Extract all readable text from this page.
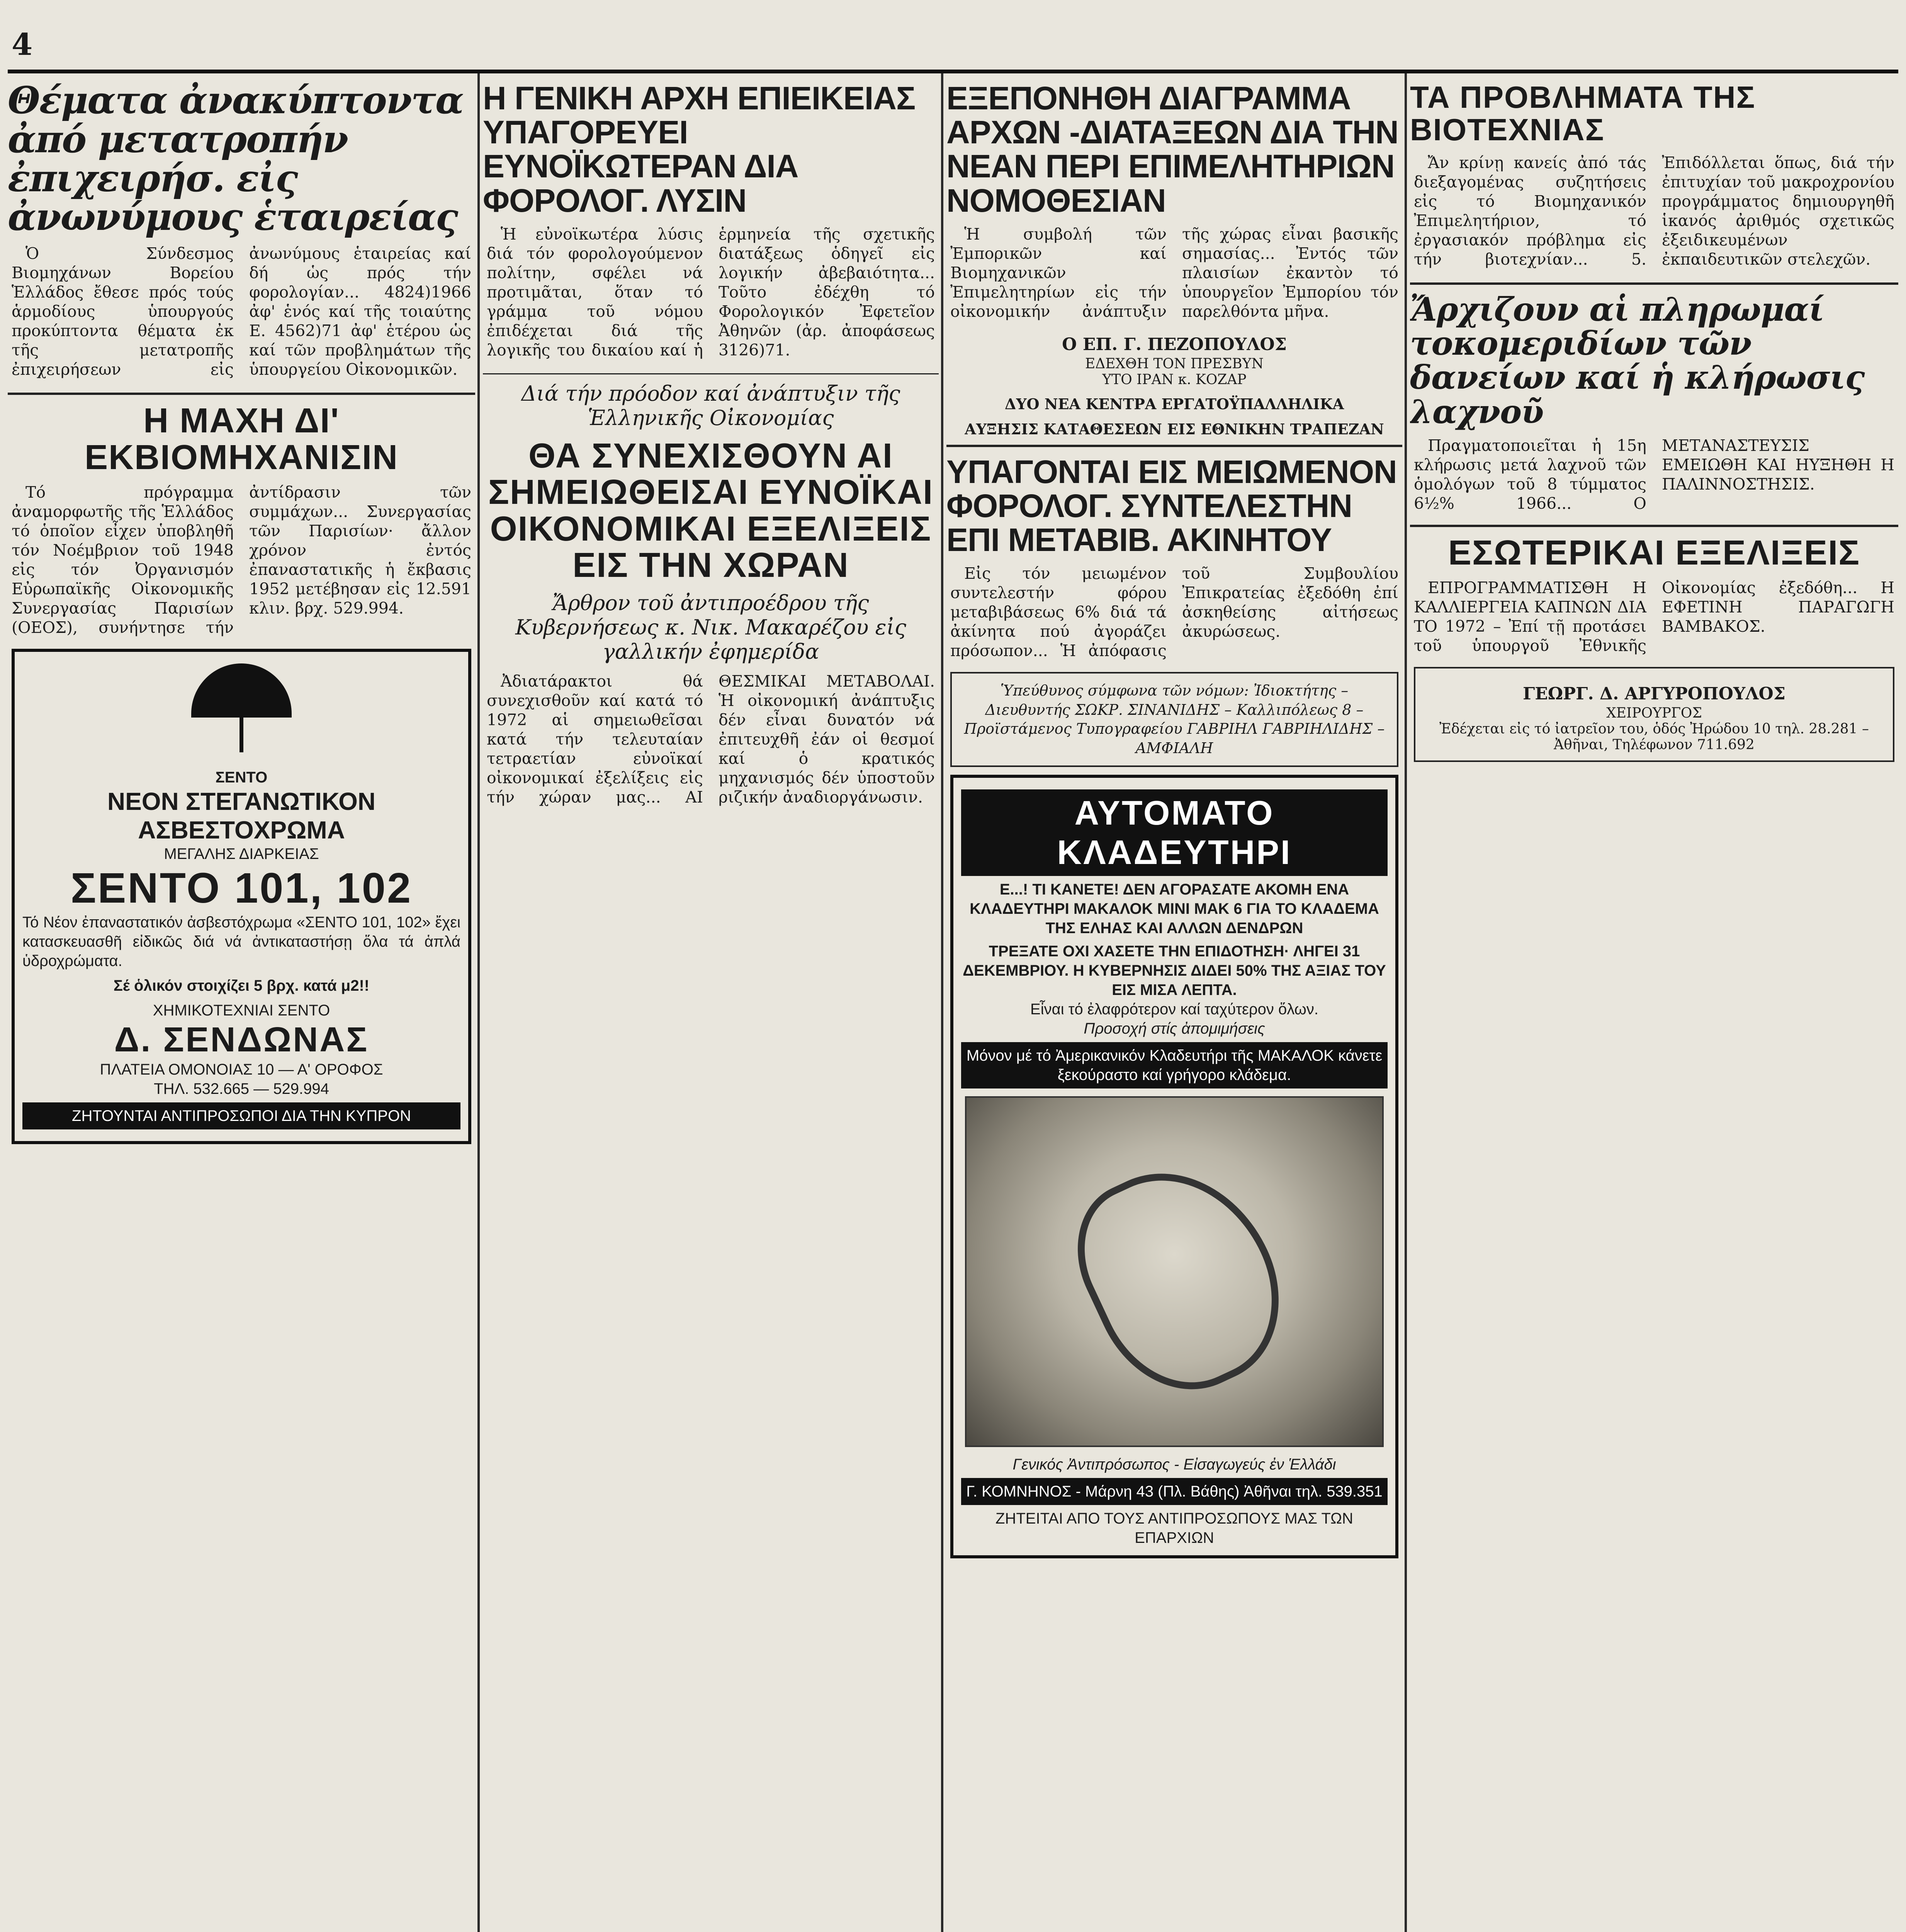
4
Θέματα ἀνακύπτοντα ἀπό μετατροπήν ἐπιχειρήσ. εἰς ἀνωνύμους ἑταιρείας

Ὁ Σύνδεσμος Βιομηχάνων Βορείου Ἑλλάδος ἔθεσε πρός τούς ἁρμοδίους ὑπουργούς προκύπτοντα θέματα ἐκ τῆς μετατροπῆς ἐπιχειρήσεων εἰς ἀνωνύμους ἑταιρείας καί δή ὡς πρός τήν φορολογίαν... 4824)1966 ἀφ' ἑνός καί τῆς τοιαύτης Ε. 4562)71 ἀφ' ἑτέρου ὡς καί τῶν προβλημάτων τῆς ὑπουργείου Οἰκονομικῶν.

Η ΜΑΧΗ ΔΙ' ΕΚΒΙΟΜΗΧΑΝΙΣΙΝ

Τό πρόγραμμα ἀναμορφωτῆς τῆς Ἑλλάδος τό ὁποῖον εἶχεν ὑποβληθῆ τόν Νοέμβριον τοῦ 1948 εἰς τόν Ὀργανισμόν Εὐρωπαϊκῆς Οἰκονομικῆς Συνεργασίας Παρισίων (ΟΕΟΣ), συνήντησε τήν ἀντίδρασιν τῶν συμμάχων... Συνεργασίας τῶν Παρισίων· ἄλλον χρόνον ἐντός ἐπαναστατικῆς ἡ ἔκβασις 1952 μετέβησαν εἰς 12.591 κλιν. βρχ. 529.994.

ΣΕΝΤΟ
ΝΕΟΝ ΣΤΕΓΑΝΩΤΙΚΟΝ
ΑΣΒΕΣΤΟΧΡΩΜΑ
ΜΕΓΑΛΗΣ ΔΙΑΡΚΕΙΑΣ
ΣΕΝΤΟ 101, 102
Τό Νέον ἐπαναστατικόν ἀσβεστόχρωμα «ΣΕΝΤΟ 101, 102» ἔχει κατασκευασθῆ εἰδικῶς διά νά ἀντικαταστήσῃ ὅλα τά ἁπλά ὑδροχρώματα.
Σέ ὁλικόν στοιχίζει 5 βρχ. κατά μ2!!
ΧΗΜΙΚΟΤΕΧΝΙΑΙ ΣΕΝΤΟ
Δ. ΣΕΝΔΩΝΑΣ
ΠΛΑΤΕΙΑ ΟΜΟΝΟΙΑΣ 10 — Α' ΟΡΟΦΟΣ
ΤΗΛ. 532.665 — 529.994
ΖΗΤΟΥΝΤΑΙ ΑΝΤΙΠΡΟΣΩΠΟΙ ΔΙΑ ΤΗΝ ΚΥΠΡΟΝ
Η ΓΕΝΙΚΗ ΑΡΧΗ ΕΠΙΕΙΚΕΙΑΣ ΥΠΑΓΟΡΕΥΕΙ ΕΥΝΟΪΚΩΤΕΡΑΝ ΔΙΑ ΦΟΡΟΛΟΓ. ΛΥΣΙΝ

Ἡ εὐνοϊκωτέρα λύσις διά τόν φορολογούμενον πολίτην, σφέλει νά προτιμᾶται, ὅταν τό γράμμα τοῦ νόμου ἐπιδέχεται διά τῆς λογικῆς του δικαίου καί ἡ ἑρμηνεία τῆς σχετικῆς διατάξεως ὁδηγεῖ εἰς λογικήν ἀβεβαιότητα... Τοῦτο ἐδέχθη τό Φορολογικόν Ἐφετεῖον Ἀθηνῶν (ἀρ. ἀποφάσεως 3126)71.

Διά τήν πρόοδον καί ἀνάπτυξιν τῆς Ἑλληνικῆς Οἰκονομίας
ΘΑ ΣΥΝΕΧΙΣΘΟΥΝ ΑΙ ΣΗΜΕΙΩΘΕΙΣΑΙ ΕΥΝΟΪΚΑΙ ΟΙΚΟΝΟΜΙΚΑΙ ΕΞΕΛΙΞΕΙΣ ΕΙΣ ΤΗΝ ΧΩΡΑΝ
Ἄρθρον τοῦ ἀντιπροέδρου τῆς Κυβερνήσεως κ. Νικ. Μακαρέζου εἰς γαλλικήν ἐφημερίδα

Ἀδιατάρακτοι θά συνεχισθοῦν καί κατά τό 1972 αἱ σημειωθεῖσαι κατά τήν τελευταίαν τετραετίαν εὐνοϊκαί οἰκονομικαί ἐξελίξεις εἰς τήν χώραν μας... ΑΙ ΘΕΣΜΙΚΑΙ ΜΕΤΑΒΟΛΑΙ. Ἡ οἰκονομική ἀνάπτυξις δέν εἶναι δυνατόν νά ἐπιτευχθῆ ἐάν οἱ θεσμοί καί ὁ κρατικός μηχανισμός δέν ὑποστοῦν ριζικήν ἀναδιοργάνωσιν.

ΕΞΕΠΟΝΗΘΗ ΔΙΑΓΡΑΜΜΑ ΑΡΧΩΝ -ΔΙΑΤΑΞΕΩΝ ΔΙΑ ΤΗΝ ΝΕΑΝ ΠΕΡΙ ΕΠΙΜΕΛΗΤΗΡΙΩΝ ΝΟΜΟΘΕΣΙΑΝ

Ἡ συμβολή τῶν Ἐμπορικῶν καί Βιομηχανικῶν Ἐπιμελητηρίων εἰς τήν οἰκονομικήν ἀνάπτυξιν τῆς χώρας εἶναι βασικῆς σημασίας... Ἐντός τῶν πλαισίων ἐκαντὸν τό ὑπουργεῖον Ἐμπορίου τόν παρελθόντα μῆνα.

Ο ΕΠ. Γ. ΠΕΖΟΠΟΥΛΟΣ
ΕΔΕΧΘΗ ΤΟΝ ΠΡΕΣΒΥΝ
ΥΤΟ ΙΡΑΝ κ. ΚΟΖΑΡ
ΔΥΟ ΝΕΑ ΚΕΝΤΡΑ ΕΡΓΑΤΟΫΠΑΛΛΗΛΙΚΑ
ΑΥΞΗΣΙΣ ΚΑΤΑΘΕΣΕΩΝ ΕΙΣ ΕΘΝΙΚΗΝ ΤΡΑΠΕΖΑΝ
ΥΠΑΓΟΝΤΑΙ ΕΙΣ ΜΕΙΩΜΕΝΟΝ ΦΟΡΟΛΟΓ. ΣΥΝΤΕΛΕΣΤΗΝ ΕΠΙ ΜΕΤΑΒΙΒ. ΑΚΙΝΗΤΟΥ

Εἰς τόν μειωμένον συντελεστήν φόρου μεταβιβάσεως 6% διά τά ἀκίνητα πού ἀγοράζει πρόσωπον... Ἡ ἀπόφασις τοῦ Συμβουλίου Ἐπικρατείας ἐξεδόθη ἐπί ἀσκηθείσης αἰτήσεως ἀκυρώσεως.

Ὑπεύθυνος σύμφωνα τῶν νόμων: Ἰδιοκτήτης – Διευθυντής ΣΩΚΡ. ΣΙΝΑΝΙΔΗΣ – Καλλιπόλεως 8 – Προϊστάμενος Τυπογραφείου ΓΑΒΡΙΗΛ ΓΑΒΡΙΗΛΙΔΗΣ – ΑΜΦΙΑΛΗ
ΑΥΤΟΜΑΤΟ ΚΛΑΔΕΥΤΗΡΙ
Ε...! ΤΙ ΚΑΝΕΤΕ! ΔΕΝ ΑΓΟΡΑΣΑΤΕ ΑΚΟΜΗ ΕΝΑ ΚΛΑΔΕΥΤΗΡΙ ΜΑΚΑΛΟΚ ΜΙΝΙ ΜΑΚ 6 ΓΙΑ ΤΟ ΚΛΑΔΕΜΑ ΤΗΣ ΕΛΗΑΣ ΚΑΙ ΑΛΛΩΝ ΔΕΝΔΡΩΝ
ΤΡΕΞΑΤΕ ΟΧΙ ΧΑΣΕΤΕ ΤΗΝ ΕΠΙΔΟΤΗΣΗ· ΛΗΓΕΙ 31 ΔΕΚΕΜΒΡΙΟΥ. Η ΚΥΒΕΡΝΗΣΙΣ ΔΙΔΕΙ 50% ΤΗΣ ΑΞΙΑΣ ΤΟΥ ΕΙΣ ΜΙΣΑ ΛΕΠΤΑ.
Εἶναι τό ἐλαφρότερον καί ταχύτερον ὅλων.
Προσοχή στίς ἀπομιμήσεις
Μόνον μέ τό Ἀμερικανικόν Κλαδευτήρι τῆς ΜΑΚΑΛΟΚ κάνετε ξεκούραστο καί γρήγορο κλάδεμα.
Γενικός Ἀντιπρόσωπος - Εἰσαγωγεύς ἐν Ἑλλάδι
Γ. ΚΟΜΝΗΝΟΣ - Μάρνη 43 (Πλ. Βάθης) Ἀθῆναι τηλ. 539.351
ΖΗΤΕΙΤΑΙ ΑΠΟ ΤΟΥΣ ΑΝΤΙΠΡΟΣΩΠΟΥΣ ΜΑΣ ΤΩΝ ΕΠΑΡΧΙΩΝ
ΤΑ ΠΡΟΒΛΗΜΑΤΑ ΤΗΣ ΒΙΟΤΕΧΝΙΑΣ

Ἄν κρίνῃ κανείς ἀπό τάς διεξαγομένας συζητήσεις εἰς τό Βιομηχανικόν Ἐπιμελητήριον, τό ἐργασιακόν πρόβλημα εἰς τήν βιοτεχνίαν... 5. Ἐπιδόλλεται ὅπως, διά τήν ἐπιτυχίαν τοῦ μακροχρονίου προγράμματος δημιουργηθῆ ἱκανός ἀριθμός σχετικῶς ἐξειδικευμένων ἐκπαιδευτικῶν στελεχῶν.

Ἄρχιζουν αἱ πληρωμαί τοκομεριδίων τῶν δανείων καί ἡ κλήρωσις λαχνοῦ

Πραγματοποιεῖται ἡ 15η κλήρωσις μετά λαχνοῦ τῶν ὁμολόγων τοῦ 8 τύμματος 6½% 1966... Ο ΜΕΤΑΝΑΣΤΕΥΣΙΣ ΕΜΕΙΩΘΗ ΚΑΙ ΗΥΞΗΘΗ Η ΠΑΛΙΝΝΟΣΤΗΣΙΣ.

ΕΣΩΤΕΡΙΚΑΙ ΕΞΕΛΙΞΕΙΣ

ΕΠΡΟΓΡΑΜΜΑΤΙΣΘΗ Η ΚΑΛΛΙΕΡΓΕΙΑ ΚΑΠΝΩΝ ΔΙΑ ΤΟ 1972 – Ἐπί τῇ προτάσει τοῦ ὑπουργοῦ Ἐθνικῆς Οἰκονομίας ἐξεδόθη... Η ΕΦΕΤΙΝΗ ΠΑΡΑΓΩΓΗ ΒΑΜΒΑΚΟΣ.

ΓΕΩΡΓ. Δ. ΑΡΓΥΡΟΠΟΥΛΟΣ
ΧΕΙΡΟΥΡΓΟΣ
Ἐδέχεται εἰς τό ἰατρεῖον του, ὁδός Ἠρώδου 10 τηλ. 28.281 – Ἀθῆναι, Τηλέφωνον 711.692
